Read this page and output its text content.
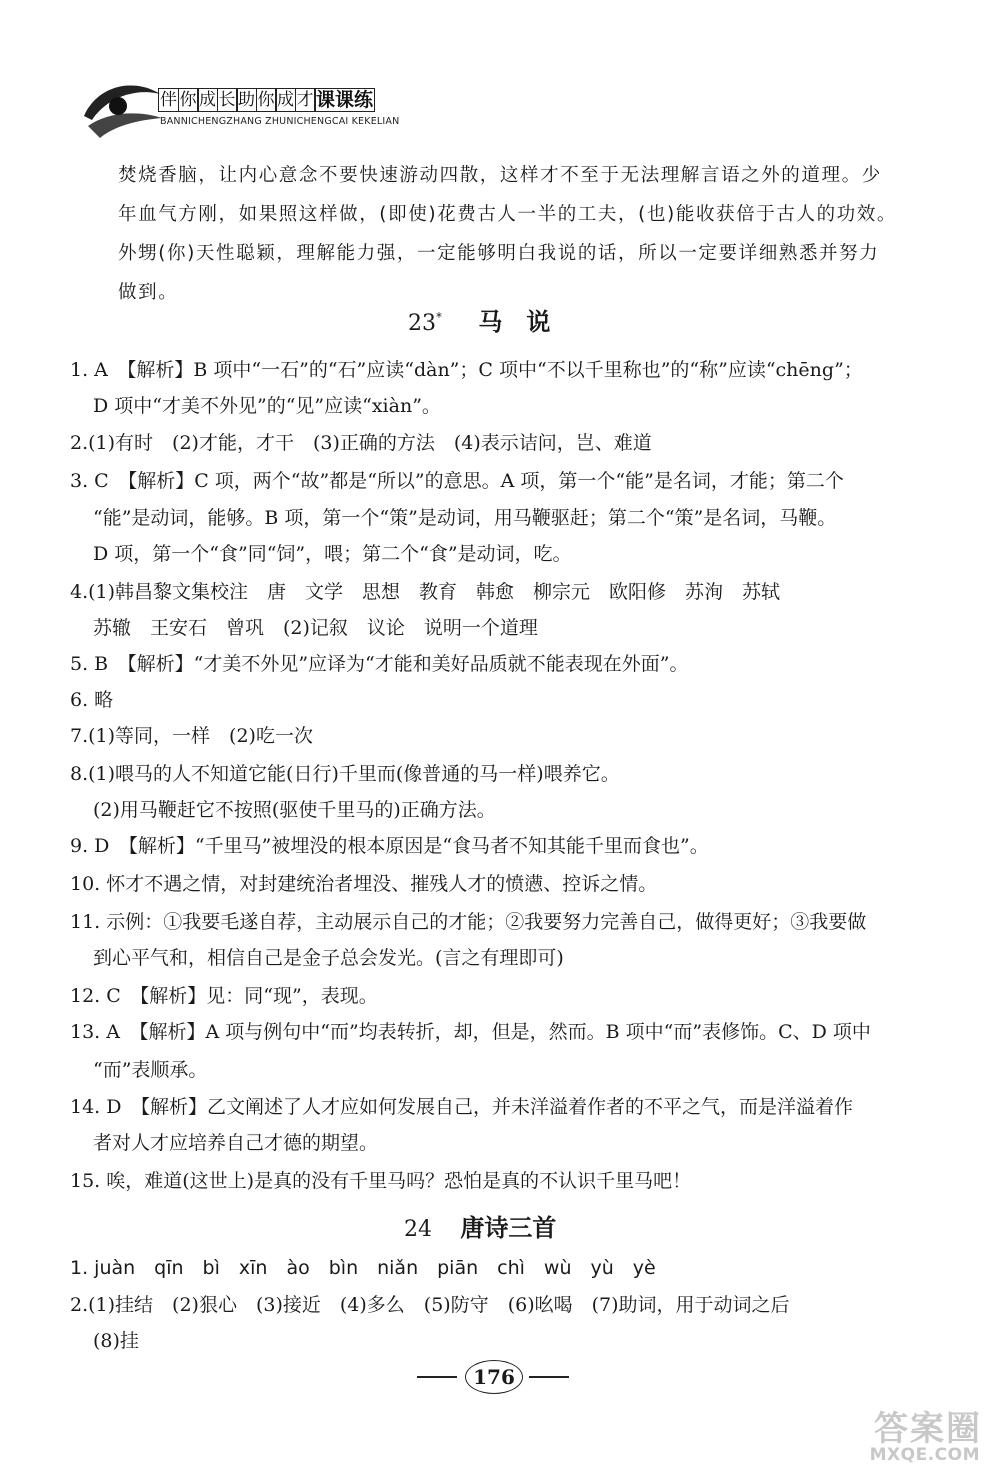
伴 你 成 长 助 你 成 才 课课练
BANNICHENGZHANG ZHUNICHENGCAI KEKELIAN
焚烧香脑，让内心意念不要快速游动四散，这样才不至于无法理解言语之外的道理。少
年血气方刚，如果照这样做，(即使)花费古人一半的工夫，(也)能收获倍于古人的功效。
外甥(你)天性聪颖，理解能力强，一定能够明白我说的话，所以一定要详细熟悉并努力
做到。
23* 马　说
1. A　【解析】B 项中“一石”的“石”应读“dàn”；C 项中“不以千里称也”的“称”应读“chēng”；
D 项中“才美不外见”的“见”应读“xiàn”。
2.(1)有时　(2)才能，才干　(3)正确的方法　(4)表示诘问，岂、难道
3. C　【解析】C 项，两个“故”都是“所以”的意思。A 项，第一个“能”是名词，才能；第二个
“能”是动词，能够。B 项，第一个“策”是动词，用马鞭驱赶；第二个“策”是名词，马鞭。
D 项，第一个“食”同“饲”，喂；第二个“食”是动词，吃。
4.(1)韩昌黎文集校注　唐　文学　思想　教育　韩愈　柳宗元　欧阳修　苏洵　苏轼
苏辙　王安石　曾巩　(2)记叙　议论　说明一个道理
5. B　【解析】“才美不外见”应译为“才能和美好品质就不能表现在外面”。
6. 略
7.(1)等同，一样　(2)吃一次
8.(1)喂马的人不知道它能(日行)千里而(像普通的马一样)喂养它。
(2)用马鞭赶它不按照(驱使千里马的)正确方法。
9. D　【解析】“千里马”被埋没的根本原因是“食马者不知其能千里而食也”。
10. 怀才不遇之情，对封建统治者埋没、摧残人才的愤懑、控诉之情。
11. 示例：①我要毛遂自荐，主动展示自己的才能；②我要努力完善自己，做得更好；③我要做
到心平气和，相信自己是金子总会发光。(言之有理即可)
12. C　【解析】见：同“现”，表现。
13. A　【解析】A 项与例句中“而”均表转折，却，但是，然而。B 项中“而”表修饰。C、D 项中
“而”表顺承。
14. D　【解析】乙文阐述了人才应如何发展自己，并未洋溢着作者的不平之气，而是洋溢着作
者对人才应培养自己才德的期望。
15. 唉，难道(这世上)是真的没有千里马吗？恐怕是真的不认识千里马吧！
24 唐诗三首
1. juàn　qīn　bì　xīn　ào　bìn　niǎn　piān　chì　wù　yù　yè
2.(1)挂结　(2)狠心　(3)接近　(4)多么　(5)防守　(6)吆喝　(7)助词，用于动词之后
(8)挂
176
答案圈
MXQE.COM
